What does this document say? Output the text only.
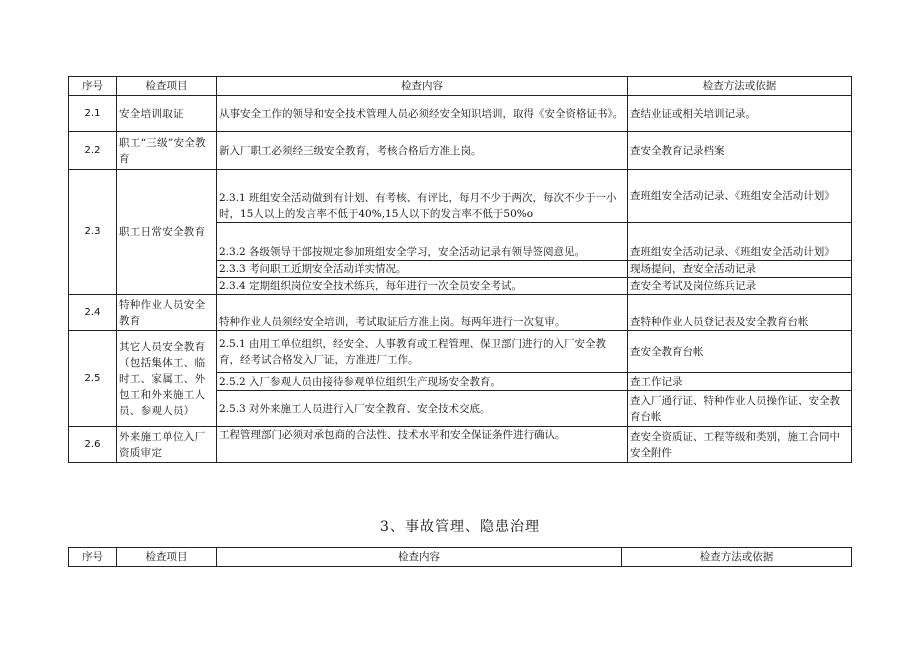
序号	检查项目	检查内容	检查方法或依据
2.1	安全培训取证	从事安全工作的领导和安全技术管理人员必须经安全知识培训，取得《安全资格证书》。	查结业证或相关培训记录。
2.2	职工“三级”安全教育	新入厂职工必须经三级安全教育，考核合格后方准上岗。	查安全教育记录档案
2.3	职工日常安全教育	2.3.1 班组安全活动做到有计划、有考核、有评比，每月不少于两次，每次不少于一小时，15人以上的发言率不低于40%,15人以下的发言率不低于50%o	查班组安全活动记录、《班组安全活动计划》
		2.3.2 各级领导干部按规定参加班组安全学习，安全活动记录有领导签阅意见。	查班组安全活动记录、《班组安全活动计划》
		2.3.3 考问职工近期安全活动详实情况。	现场提问，查安全活动记录
		2.3.4 定期组织岗位安全技术练兵，每年进行一次全员安全考试。	查安全考试及岗位练兵记录
2.4	特种作业人员安全教育	特种作业人员须经安全培训，考试取证后方准上岗。每两年进行一次复审。	查特种作业人员登记表及安全教育台帐
2.5	其它人员安全教育（包括集体工、临时工、家属工、外包工和外来施工人员、参观人员）	2.5.1 由用工单位组织，经安全、人事教育或工程管理、保卫部门进行的入厂安全教育，经考试合格发入厂证，方准进厂工作。	查安全教育台帐
		2.5.2 入厂参观人员由接待参观单位组织生产现场安全教育。	查工作记录
		2.5.3 对外来施工人员进行入厂安全教育、安全技术交底。	查入厂通行证、特种作业人员操作证、安全教育台帐
2.6	外来施工单位入厂资质审定	工程管理部门必须对承包商的合法性、技术水平和安全保证条件进行确认。	查安全资质证、工程等级和类别，施工合同中安全附件
3、事故管理、隐患治理
序号	检查项目	检查内容	检查方法或依据
